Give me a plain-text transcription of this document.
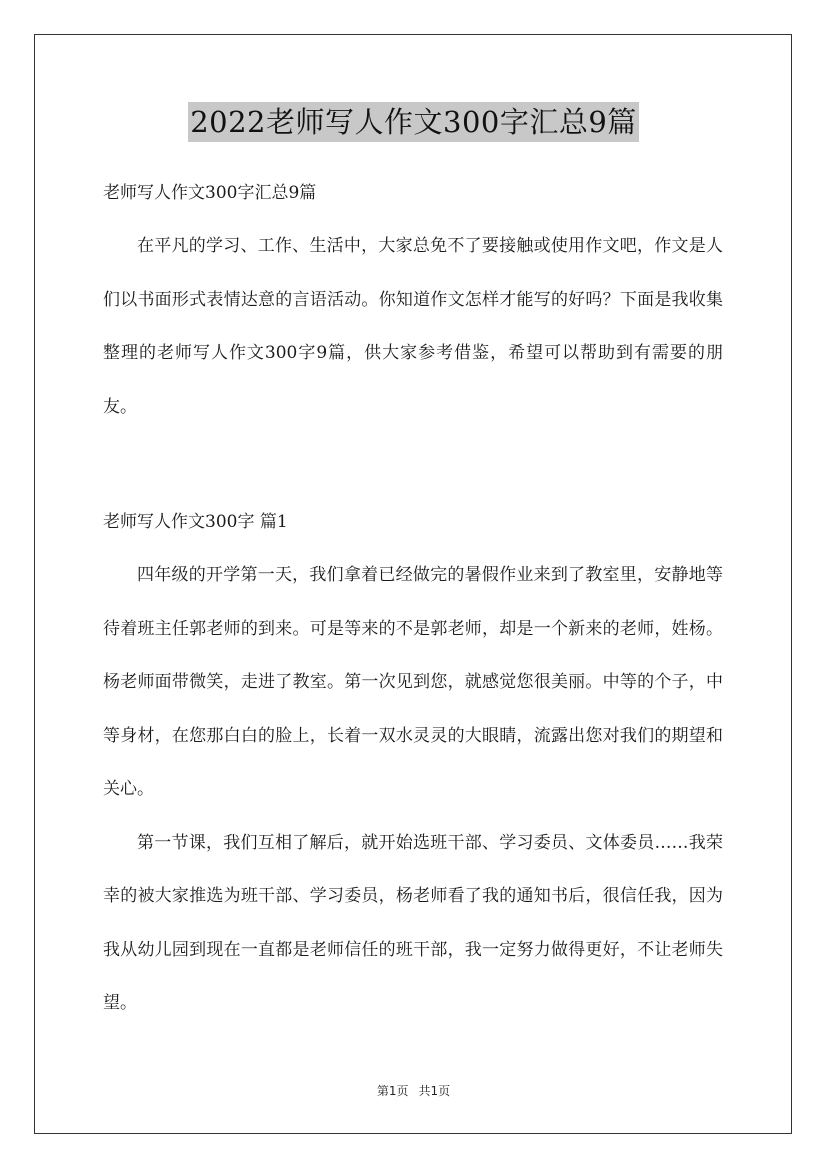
2022老师写人作文300字汇总9篇

老师写人作文300字汇总9篇

在平凡的学习、工作、生活中，大家总免不了要接触或使用作文吧，作文是人们以书面形式表情达意的言语活动。你知道作文怎样才能写的好吗？下面是我收集整理的老师写人作文300字9篇，供大家参考借鉴，希望可以帮助到有需要的朋友。

老师写人作文300字 篇1

四年级的开学第一天，我们拿着已经做完的暑假作业来到了教室里，安静地等待着班主任郭老师的到来。可是等来的不是郭老师，却是一个新来的老师，姓杨。杨老师面带微笑，走进了教室。第一次见到您，就感觉您很美丽。中等的个子，中等身材，在您那白白的脸上，长着一双水灵灵的大眼睛，流露出您对我们的期望和关心。

第一节课，我们互相了解后，就开始选班干部、学习委员、文体委员……我荣幸的被大家推选为班干部、学习委员，杨老师看了我的通知书后，很信任我，因为我从幼儿园到现在一直都是老师信任的班干部，我一定努力做得更好，不让老师失望。

第1页 共1页
